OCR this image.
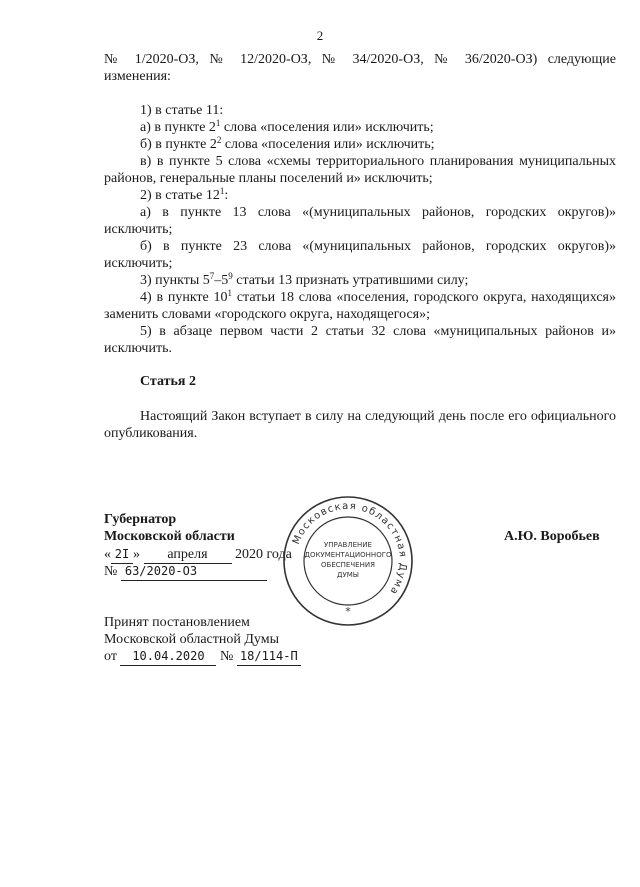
2
№ 1/2020-ОЗ, № 12/2020-ОЗ, № 34/2020-ОЗ, № 36/2020-ОЗ) следующие
изменения:
1) в статье 11:
а) в пункте $2^1$ слова «поселения или» исключить;
б) в пункте $2^2$ слова «поселения или» исключить;

в) в пункте 5 слова «схемы территориального планирования муниципальных районов, генеральные планы поселений и» исключить;

2) в статье $12^1$:

а) в пункте 13 слова «(муниципальных районов, городских округов)» исключить;

б) в пункте 23 слова «(муниципальных районов, городских округов)» исключить;

3) пункты $5^7-5^9$ статьи 13 признать утратившими силу;

4) в пункте $10^1$ статьи 18 слова «поселения, городского округа, находящихся» заменить словами «городского округа, находящегося»;

5) в абзаце первом части 2 статьи 32 слова «муниципальных районов и» исключить.

Статья 2

Настоящий Закон вступает в силу на следующий день после его официального опубликования.

Губернатор
Московской области
« 2I » апреля 2020 года
№ 63/2020-ОЗ
А.Ю. Воробьев
Московская областная Дума
УПРАВЛЕНИЕ
ДОКУМЕНТАЦИОННОГО
ОБЕСПЕЧЕНИЯ
ДУМЫ
*
Принят постановлением
Московской областной Думы
от 10.04.2020 № 18/114-П
